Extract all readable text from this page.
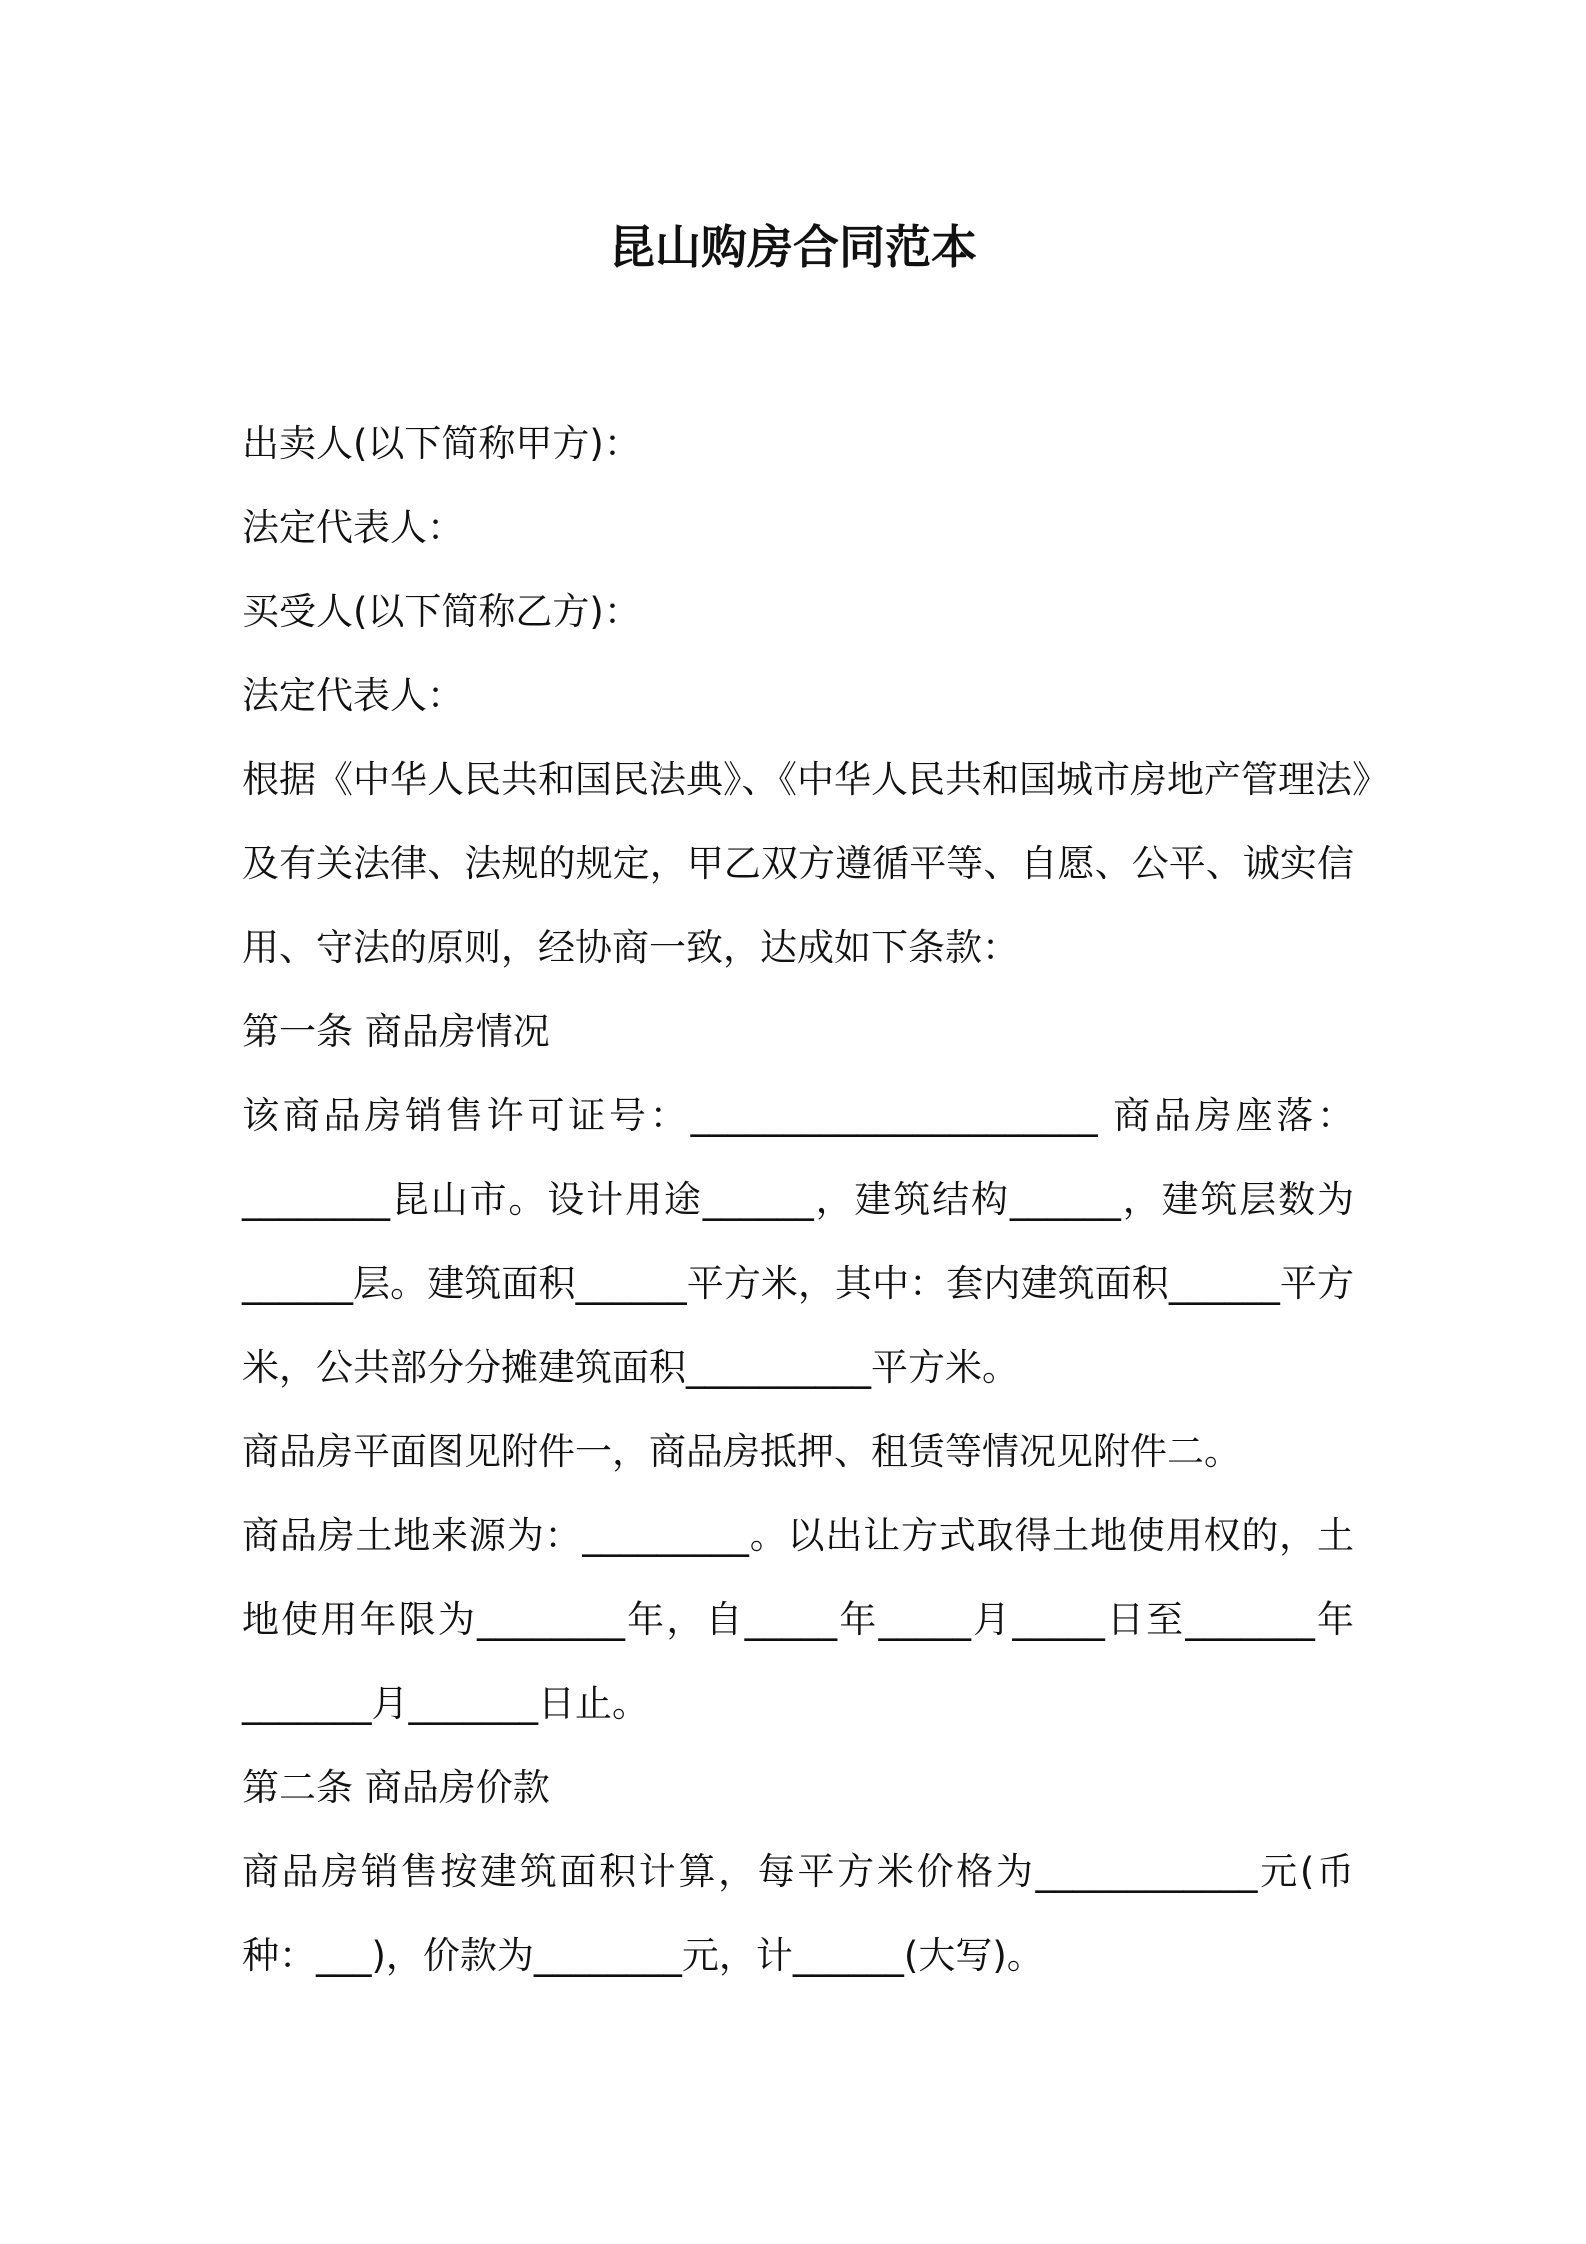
昆山购房合同范本

出卖人(以下简称甲方)：

法定代表人：

买受人(以下简称乙方)：

法定代表人：

根据《中华人民共和国民法典》、《中华人民共和国城市房地产管理法》

及有关法律、法规的规定，甲乙双方遵循平等、自愿、公平、诚实信

用、守法的原则，经协商一致，达成如下条款：

第一条 商品房情况

该商品房销售许可证号：______________________ 商品房座落：

________昆山市。设计用途______，建筑结构______，建筑层数为

______层。建筑面积______平方米，其中：套内建筑面积______平方

米，公共部分分摊建筑面积__________平方米。

商品房平面图见附件一，商品房抵押、租赁等情况见附件二。

商品房土地来源为：_________。以出让方式取得土地使用权的，土

地使用年限为________年，自_____年_____月_____日至_______年

_______月_______日止。

第二条 商品房价款

商品房销售按建筑面积计算，每平方米价格为____________元(币

种：___)，价款为________元，计______(大写)。
